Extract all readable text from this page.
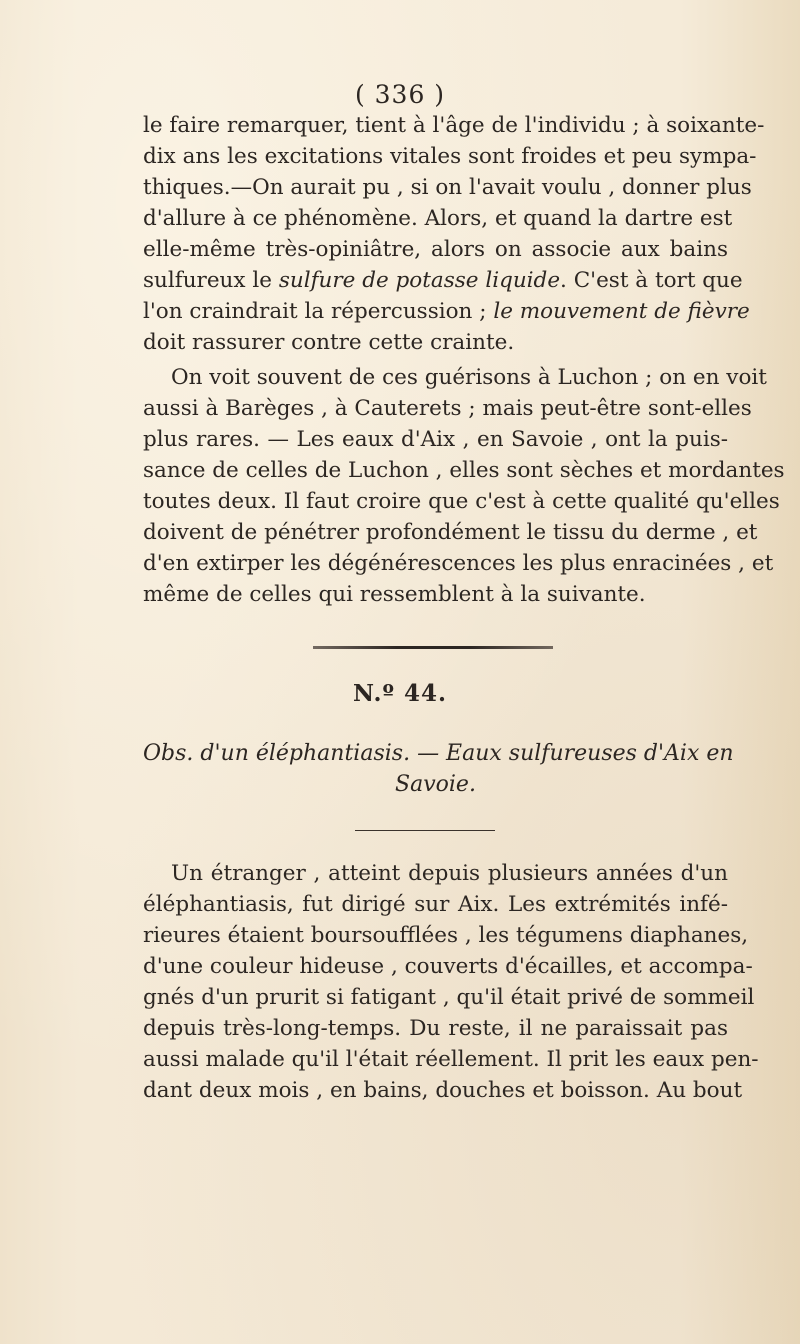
( 336 )
le faire remarquer, tient à l'âge de l'individu ; à soixante-
dix ans les excitations vitales sont froides et peu sympa-
thiques.—On aurait pu , si on l'avait voulu , donner plus
d'allure à ce phénomène. Alors, et quand la dartre est
elle-même très-opiniâtre, alors on associe aux bains
sulfureux le sulfure de potasse liquide. C'est à tort que
l'on craindrait la répercussion ; le mouvement de fièvre
doit rassurer contre cette crainte.
On voit souvent de ces guérisons à Luchon ; on en voit
aussi à Barèges , à Cauterets ; mais peut-être sont-elles
plus rares. — Les eaux d'Aix , en Savoie , ont la puis-
sance de celles de Luchon , elles sont sèches et mordantes
toutes deux. Il faut croire que c'est à cette qualité qu'elles
doivent de pénétrer profondément le tissu du derme , et
d'en extirper les dégénérescences les plus enracinées , et
même de celles qui ressemblent à la suivante.
N.º 44.
Obs. d'un éléphantiasis. — Eaux sulfureuses d'Aix en
Savoie.
Un étranger , atteint depuis plusieurs années d'un
éléphantiasis, fut dirigé sur Aix. Les extrémités infé-
rieures étaient boursoufflées , les tégumens diaphanes,
d'une couleur hideuse , couverts d'écailles, et accompa-
gnés d'un prurit si fatigant , qu'il était privé de sommeil
depuis très-long-temps. Du reste, il ne paraissait pas
aussi malade qu'il l'était réellement. Il prit les eaux pen-
dant deux mois , en bains, douches et boisson. Au bout
